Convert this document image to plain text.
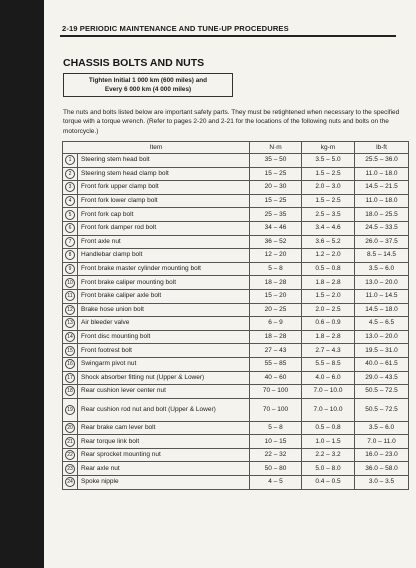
2-19 PERIODIC MAINTENANCE AND TUNE-UP PROCEDURES
CHASSIS BOLTS AND NUTS
Tighten Initial 1 000 km (600 miles) and
Every 6 000 km (4 000 miles)
The nuts and bolts listed below are important safety parts. They must be retightened when necessary to the specified torque with a torque wrench. (Refer to pages 2-20 and 2-21 for the locations of the following nuts and bolts on the motorcycle.)
Item		N·m	kg-m	lb-ft
1	Steering stem head bolt	35 – 50	3.5 – 5.0	25.5 – 36.0
2	Steering stem head clamp bolt	15 – 25	1.5 – 2.5	11.0 – 18.0
3	Front fork upper clamp bolt	20 – 30	2.0 – 3.0	14.5 – 21.5
4	Front fork lower clamp bolt	15 – 25	1.5 – 2.5	11.0 – 18.0
5	Front fork cap bolt	25 – 35	2.5 – 3.5	18.0 – 25.5
6	Front fork damper rod bolt	34 – 46	3.4 – 4.6	24.5 – 33.5
7	Front axle nut	36 – 52	3.6 – 5.2	26.0 – 37.5
8	Handlebar clamp bolt	12 – 20	1.2 – 2.0	8.5 – 14.5
9	Front brake master cylinder mounting bolt	5 – 8	0.5 – 0.8	3.5 – 6.0
10	Front brake caliper mounting bolt	18 – 28	1.8 – 2.8	13.0 – 20.0
11	Front brake caliper axle bolt	15 – 20	1.5 – 2.0	11.0 – 14.5
12	Brake hose union bolt	20 – 25	2.0 – 2.5	14.5 – 18.0
13	Air bleeder valve	6 – 9	0.6 – 0.9	4.5 – 6.5
14	Front disc mounting bolt	18 – 28	1.8 – 2.8	13.0 – 20.0
15	Front footrest bolt	27 – 43	2.7 – 4.3	19.5 – 31.0
16	Swingarm pivot nut	55 – 85	5.5 – 8.5	40.0 – 61.5
17	Shock absorber fitting nut (Upper & Lower)	40 – 60	4.0 – 6.0	29.0 – 43.5
18	Rear cushion lever center nut	70 – 100	7.0 – 10.0	50.5 – 72.5
19	Rear cushion rod nut and bolt (Upper & Lower)	70 – 100	7.0 – 10.0	50.5 – 72.5
20	Rear brake cam lever bolt	5 – 8	0.5 – 0.8	3.5 – 6.0
21	Rear torque link bolt	10 – 15	1.0 – 1.5	7.0 – 11.0
22	Rear sprocket mounting nut	22 – 32	2.2 – 3.2	16.0 – 23.0
23	Rear axle nut	50 – 80	5.0 – 8.0	36.0 – 58.0
24	Spoke nipple	4 – 5	0.4 – 0.5	3.0 – 3.5
